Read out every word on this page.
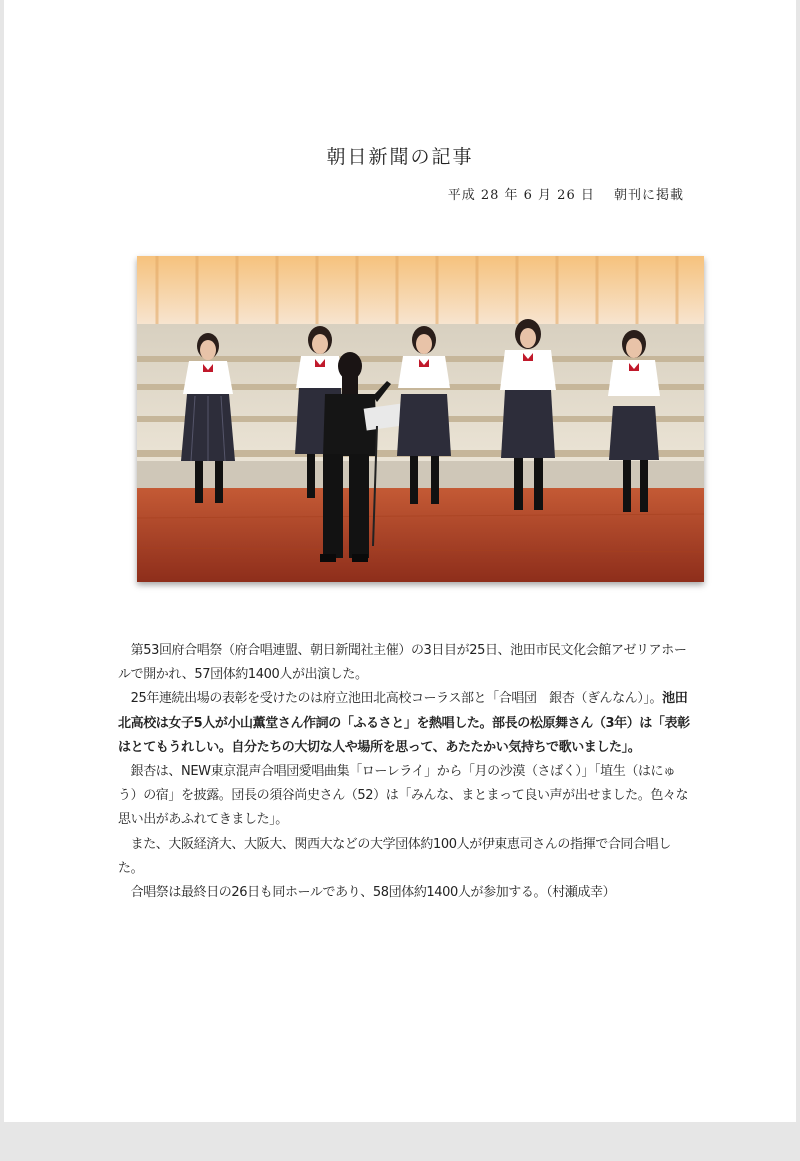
朝日新聞の記事
平成 28 年 6 月 26 日　 朝刊に掲載

　第53回府合唱祭（府合唱連盟、朝日新聞社主催）の3日目が25日、池田市民文化会館アゼリアホールで開かれ、57団体約1400人が出演した。

　25年連続出場の表彰を受けたのは府立池田北高校コーラス部と「合唱団　銀杏（ぎんなん）」。池田北高校は女子5人が小山薫堂さん作詞の「ふるさと」を熱唱した。部長の松原舞さん（3年）は「表彰はとてもうれしい。自分たちの大切な人や場所を思って、あたたかい気持ちで歌いました」。

　銀杏は、NEW東京混声合唱団愛唱曲集「ローレライ」から「月の沙漠（さばく）」「埴生（はにゅう）の宿」を披露。団長の須谷尚史さん（52）は「みんな、まとまって良い声が出せました。色々な思い出があふれてきました」。

　また、大阪経済大、大阪大、関西大などの大学団体約100人が伊東恵司さんの指揮で合同合唱した。

　合唱祭は最終日の26日も同ホールであり、58団体約1400人が参加する。（村瀬成幸）
